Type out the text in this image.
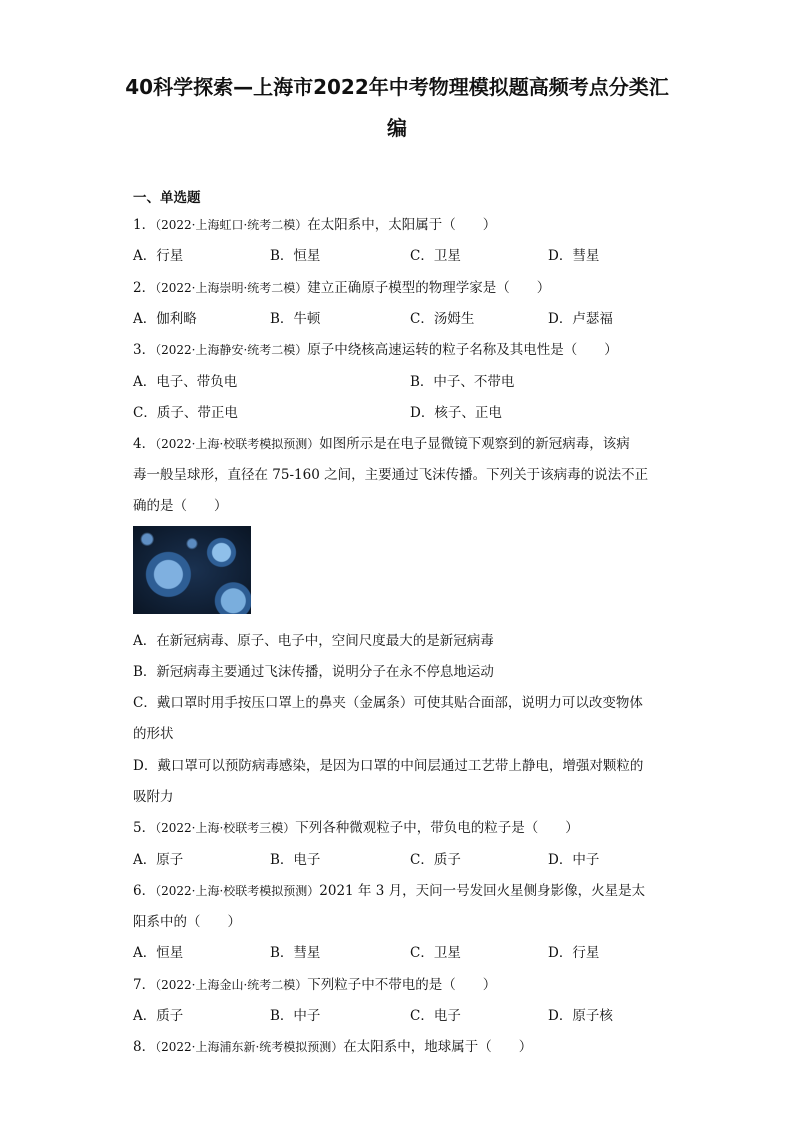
40科学探索—上海市2022年中考物理模拟题高频考点分类汇
编
一、单选题
1．（2022·上海虹口·统考二模）在太阳系中，太阳属于（　　）
A．行星	B．恒星	C．卫星	D．彗星
2．（2022·上海崇明·统考二模）建立正确原子模型的物理学家是（　　）
A．伽利略	B．牛顿	C．汤姆生	D．卢瑟福
3．（2022·上海静安·统考二模）原子中绕核高速运转的粒子名称及其电性是（　　）
A．电子、带负电	B．中子、不带电
C．质子、带正电	D．核子、正电
4．（2022·上海·校联考模拟预测）如图所示是在电子显微镜下观察到的新冠病毒，该病
毒一般呈球形，直径在 75-160 之间，主要通过飞沫传播。下列关于该病毒的说法不正
确的是（　　）
A．在新冠病毒、原子、电子中，空间尺度最大的是新冠病毒
B．新冠病毒主要通过飞沫传播，说明分子在永不停息地运动
C．戴口罩时用手按压口罩上的鼻夹（金属条）可使其贴合面部，说明力可以改变物体
的形状
D．戴口罩可以预防病毒感染，是因为口罩的中间层通过工艺带上静电，增强对颗粒的
吸附力
5．（2022·上海·校联考三模）下列各种微观粒子中，带负电的粒子是（　　）
A．原子	B．电子	C．质子	D．中子
6．（2022·上海·校联考模拟预测）2021 年 3 月，天问一号发回火星侧身影像，火星是太
阳系中的（　　）
A．恒星	B．彗星	C．卫星	D．行星
7．（2022·上海金山·统考二模）下列粒子中不带电的是（　　）
A．质子	B．中子	C．电子	D．原子核
8．（2022·上海浦东新·统考模拟预测）在太阳系中，地球属于（　　）
